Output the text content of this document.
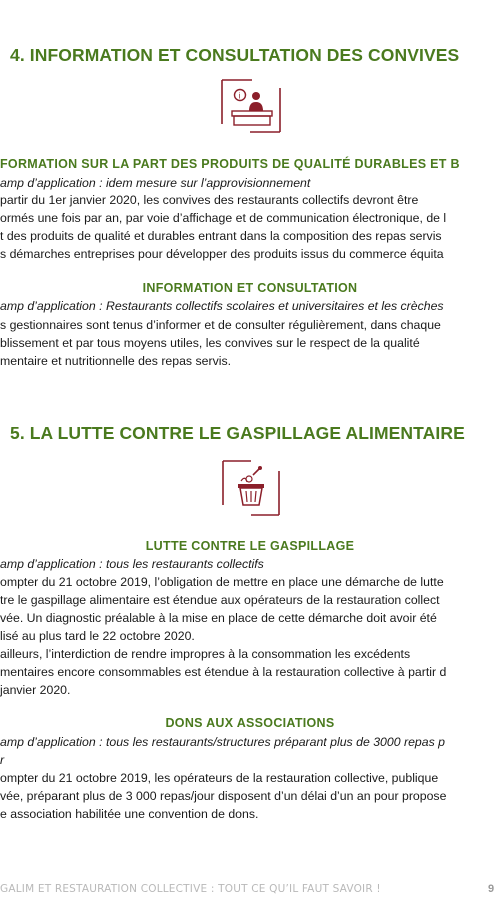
4. INFORMATION ET CONSULTATION DES CONVIVES
i
FORMATION SUR LA PART DES PRODUITS DE QUALITÉ DURABLES ET B
amp d’application : idem mesure sur l’approvisionnement
partir du 1er janvier 2020, les convives des restaurants collectifs devront être
ormés une fois par an, par voie d’affichage et de communication électronique, de l
t des produits de qualité et durables entrant dans la composition des repas servis
s démarches entreprises pour développer des produits issus du commerce équita
INFORMATION ET CONSULTATION
amp d’application : Restaurants collectifs scolaires et universitaires et les crèches
s gestionnaires sont tenus d’informer et de consulter régulièrement, dans chaque
blissement et par tous moyens utiles, les convives sur le respect de la qualité
mentaire et nutritionnelle des repas servis.
5. LA LUTTE CONTRE LE GASPILLAGE ALIMENTAIRE
LUTTE CONTRE LE GASPILLAGE
amp d’application : tous les restaurants collectifs
ompter du 21 octobre 2019, l’obligation de mettre en place une démarche de lutte
tre le gaspillage alimentaire est étendue aux opérateurs de la restauration collect
vée. Un diagnostic préalable à la mise en place de cette démarche doit avoir été
lisé au plus tard le 22 octobre 2020.
ailleurs, l’interdiction de rendre impropres à la consommation les excédents
mentaires encore consommables est étendue à la restauration collective à partir d
janvier 2020.
DONS AUX ASSOCIATIONS
amp d’application : tous les restaurants/structures préparant plus de 3000 repas p
r
ompter du 21 octobre 2019, les opérateurs de la restauration collective, publique
vée, préparant plus de 3 000 repas/jour disposent d’un délai d’un an pour propose
e association habilitée une convention de dons.
GALIM ET RESTAURATION COLLECTIVE : TOUT CE QU’IL FAUT SAVOIR !	9
